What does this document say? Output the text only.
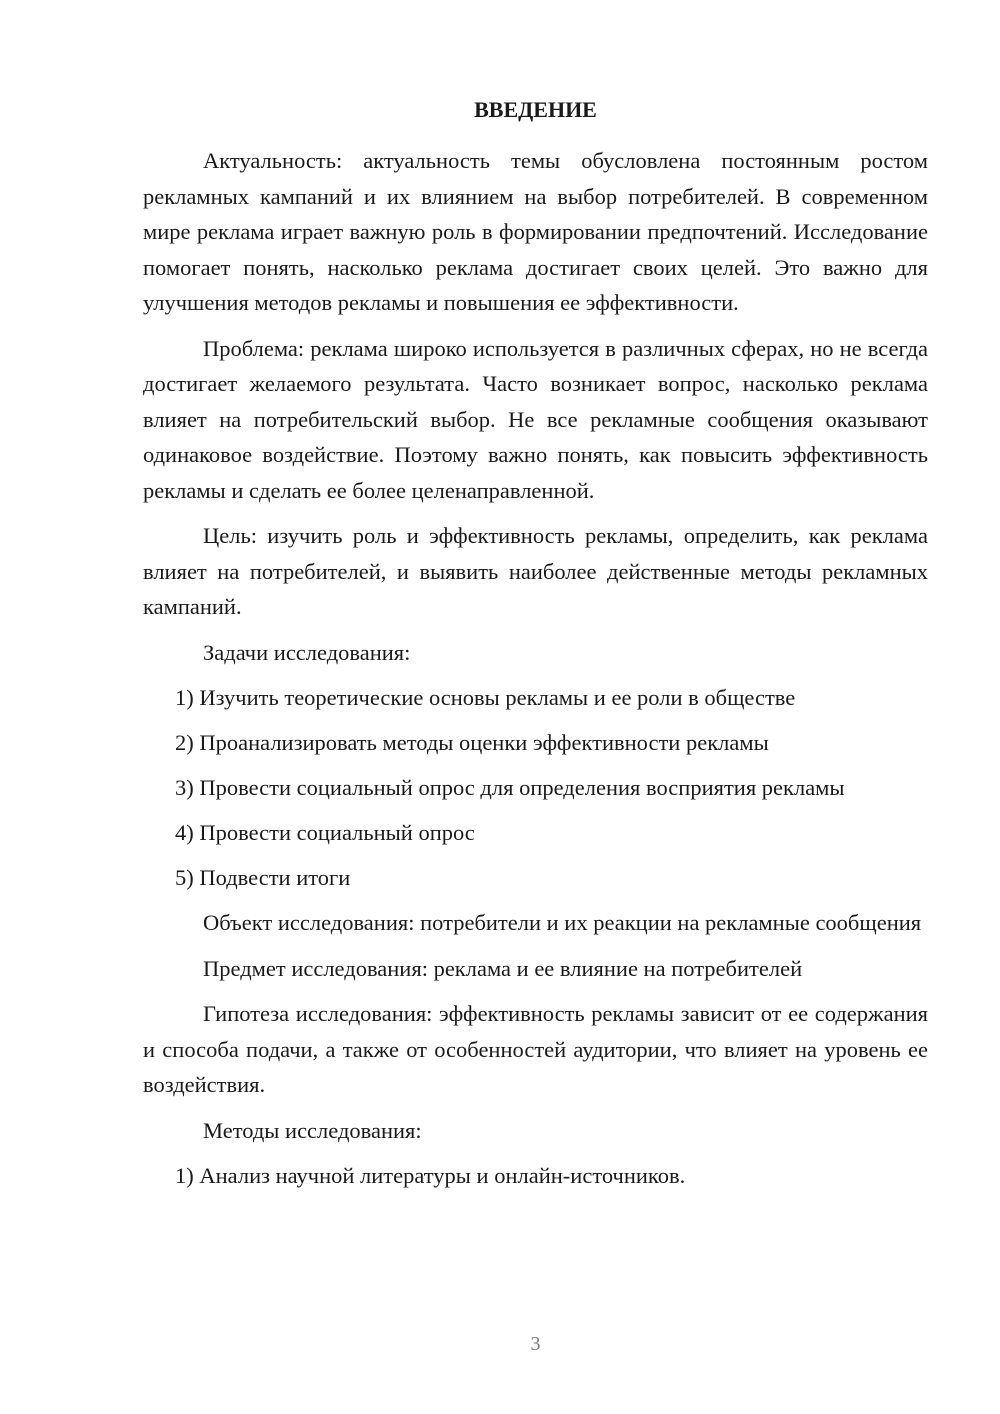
ВВЕДЕНИЕ

Актуальность: актуальность темы обусловлена постоянным ростом рекламных кампаний и их влиянием на выбор потребителей. В современном мире реклама играет важную роль в формировании предпочтений. Исследование помогает понять, насколько реклама достигает своих целей. Это важно для улучшения методов рекламы и повышения ее эффективности.

Проблема: реклама широко используется в различных сферах, но не всегда достигает желаемого результата. Часто возникает вопрос, насколько реклама влияет на потребительский выбор. Не все рекламные сообщения оказывают одинаковое воздействие. Поэтому важно понять, как повысить эффективность рекламы и сделать ее более целенаправленной.

Цель: изучить роль и эффективность рекламы, определить, как реклама влияет на потребителей, и выявить наиболее действенные методы рекламных кампаний.

Задачи исследования:

1) Изучить теоретические основы рекламы и ее роли в обществе

2) Проанализировать методы оценки эффективности рекламы

3) Провести социальный опрос для определения восприятия рекламы

4) Провести социальный опрос

5) Подвести итоги

Объект исследования: потребители и их реакции на рекламные сообщения

Предмет исследования: реклама и ее влияние на потребителей

Гипотеза исследования: эффективность рекламы зависит от ее содержания и способа подачи, а также от особенностей аудитории, что влияет на уровень ее воздействия.

Методы исследования:

1) Анализ научной литературы и онлайн-источников.

3
